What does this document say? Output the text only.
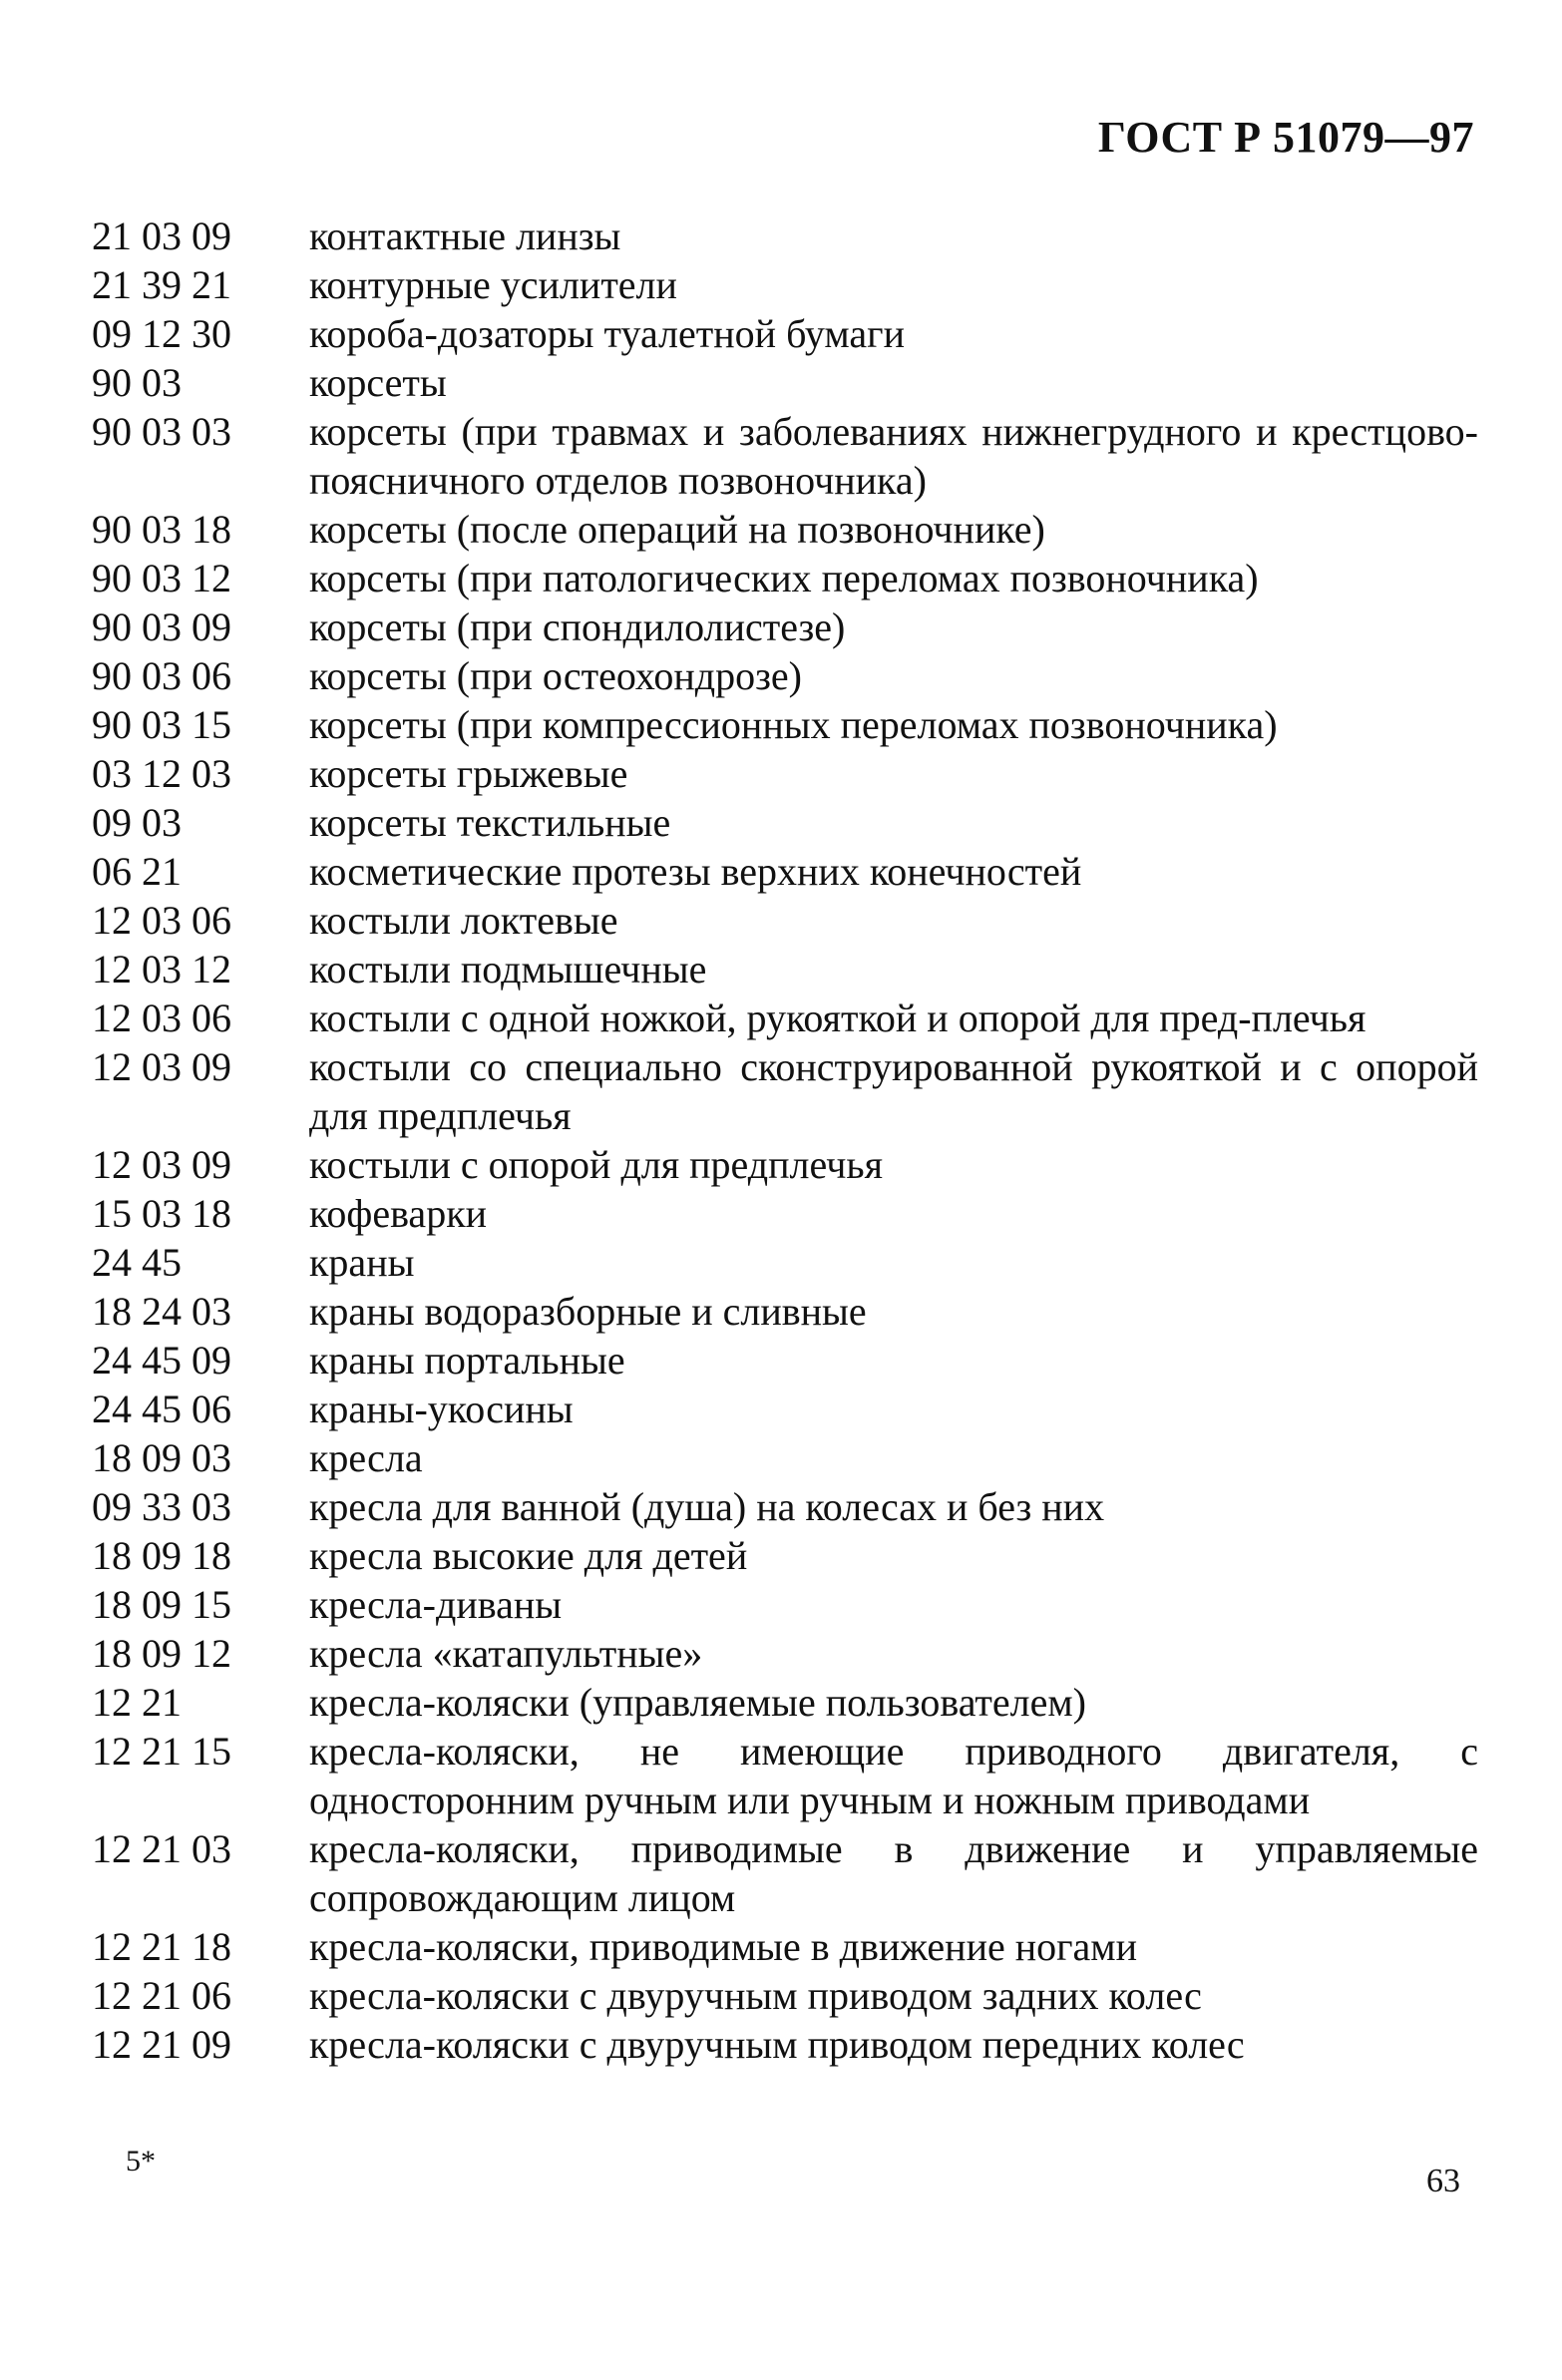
ГОСТ Р 51079—97
21 03 09	контактные линзы
21 39 21	контурные усилители
09 12 30	короба-дозаторы туалетной бумаги
90 03	корсеты
90 03 03	корсеты (при травмах и заболеваниях нижнегрудного и крестцово-поясничного отделов позвоночника)
90 03 18	корсеты (после операций на позвоночнике)
90 03 12	корсеты (при патологических переломах позвоночника)
90 03 09	корсеты (при спондилолистезе)
90 03 06	корсеты (при остеохондрозе)
90 03 15	корсеты (при компрессионных переломах позвоночника)
03 12 03	корсеты грыжевые
09 03	корсеты текстильные
06 21	косметические протезы верхних конечностей
12 03 06	костыли локтевые
12 03 12	костыли подмышечные
12 03 06	костыли с одной ножкой, рукояткой и опорой для пред-плечья
12 03 09	костыли со специально сконструированной рукояткой и с опорой для предплечья
12 03 09	костыли с опорой для предплечья
15 03 18	кофеварки
24 45	краны
18 24 03	краны водоразборные и сливные
24 45 09	краны портальные
24 45 06	краны-укосины
18 09 03	кресла
09 33 03	кресла для ванной (душа) на колесах и без них
18 09 18	кресла высокие для детей
18 09 15	кресла-диваны
18 09 12	кресла «катапультные»
12 21	кресла-коляски (управляемые пользователем)
12 21 15	кресла-коляски, не имеющие приводного двигателя, с односторонним ручным или ручным и ножным приводами
12 21 03	кресла-коляски, приводимые в движение и управляемые сопровождающим лицом
12 21 18	кресла-коляски, приводимые в движение ногами
12 21 06	кресла-коляски с двуручным приводом задних колес
12 21 09	кресла-коляски с двуручным приводом передних колес
5*
63
